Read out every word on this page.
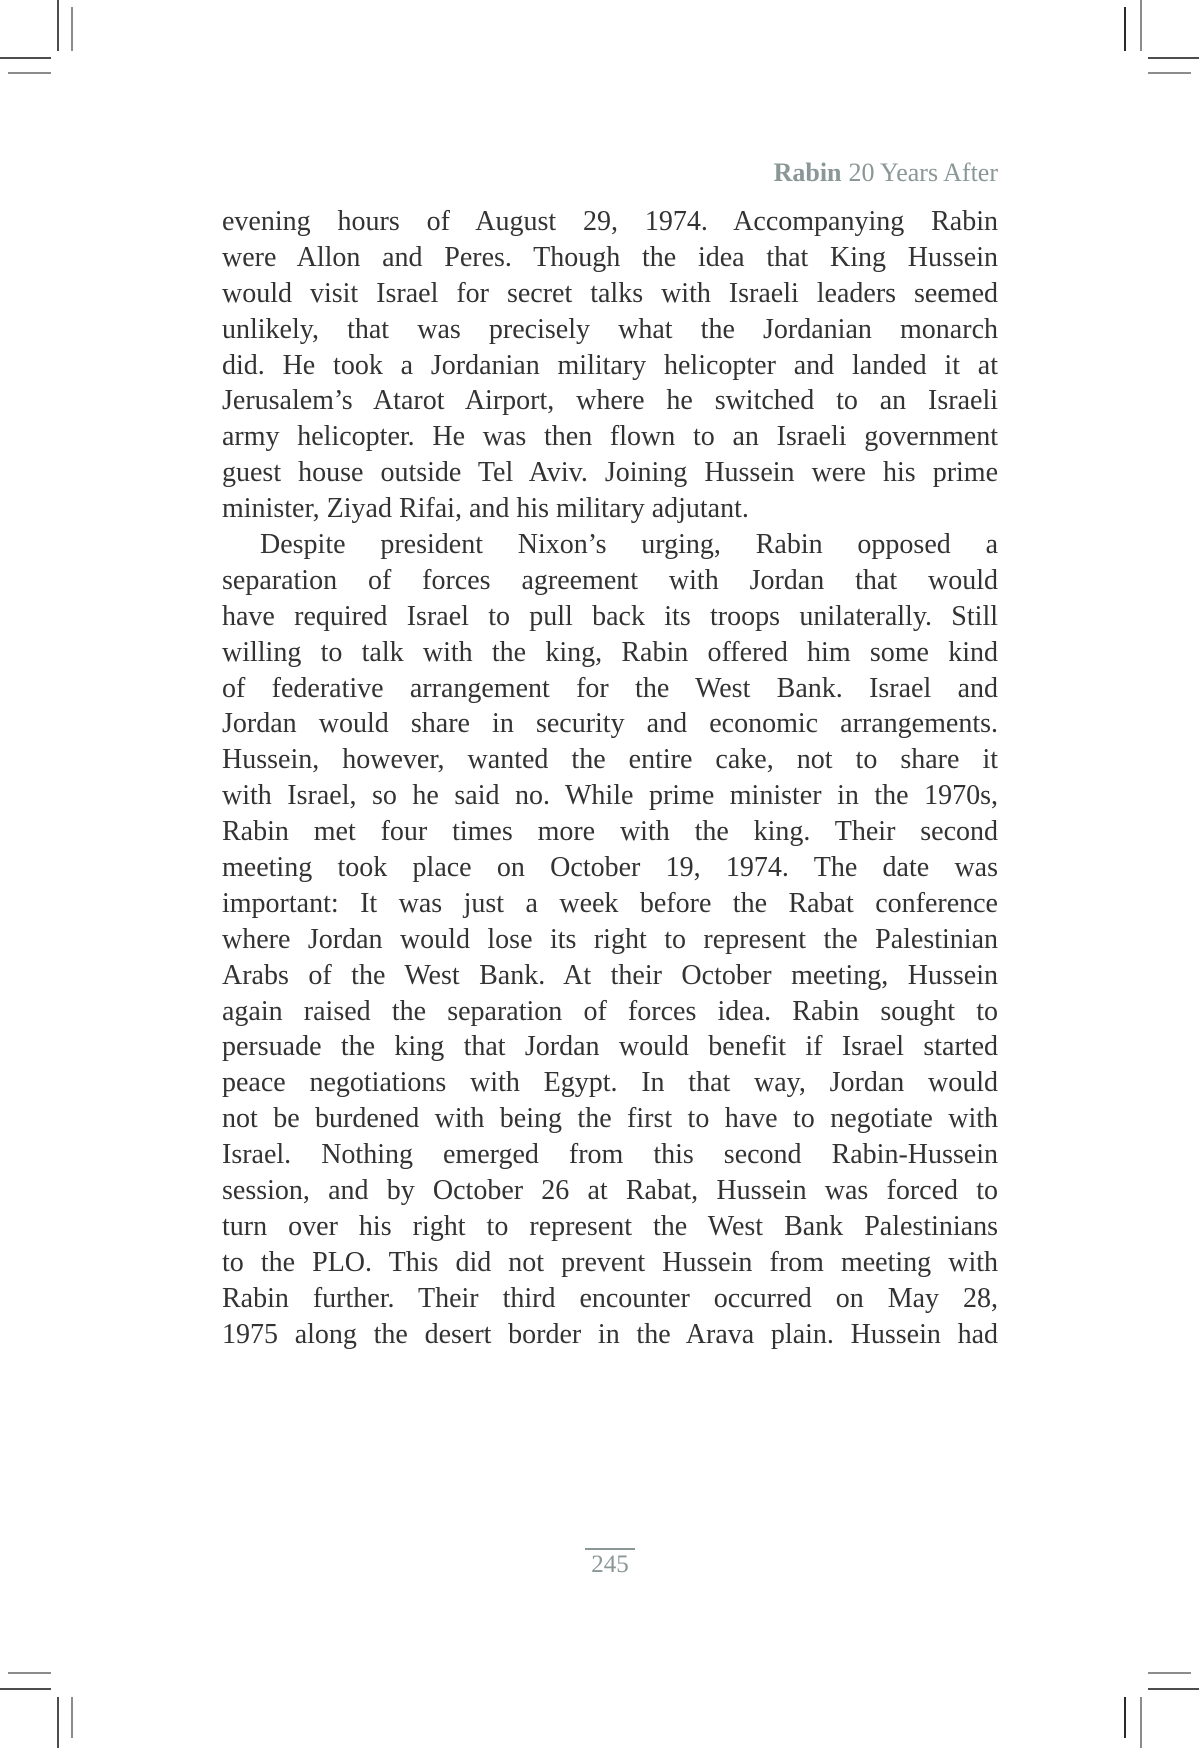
Rabin 20 Years After
evening hours of August 29, 1974. Accompanying Rabin
were Allon and Peres. Though the idea that King Hussein
would visit Israel for secret talks with Israeli leaders seemed
unlikely, that was precisely what the Jordanian monarch
did. He took a Jordanian military helicopter and landed it at
Jerusalem’s Atarot Airport, where he switched to an Israeli
army helicopter. He was then flown to an Israeli government
guest house outside Tel Aviv. Joining Hussein were his prime
minister, Ziyad Rifai, and his military adjutant.
Despite president Nixon’s urging, Rabin opposed a
separation of forces agreement with Jordan that would
have required Israel to pull back its troops unilaterally. Still
willing to talk with the king, Rabin offered him some kind
of federative arrangement for the West Bank. Israel and
Jordan would share in security and economic arrangements.
Hussein, however, wanted the entire cake, not to share it
with Israel, so he said no. While prime minister in the 1970s,
Rabin met four times more with the king. Their second
meeting took place on October 19, 1974. The date was
important: It was just a week before the Rabat conference
where Jordan would lose its right to represent the Palestinian
Arabs of the West Bank. At their October meeting, Hussein
again raised the separation of forces idea. Rabin sought to
persuade the king that Jordan would benefit if Israel started
peace negotiations with Egypt. In that way, Jordan would
not be burdened with being the first to have to negotiate with
Israel. Nothing emerged from this second Rabin-Hussein
session, and by October 26 at Rabat, Hussein was forced to
turn over his right to represent the West Bank Palestinians
to the PLO. This did not prevent Hussein from meeting with
Rabin further. Their third encounter occurred on May 28,
1975 along the desert border in the Arava plain. Hussein had
245
